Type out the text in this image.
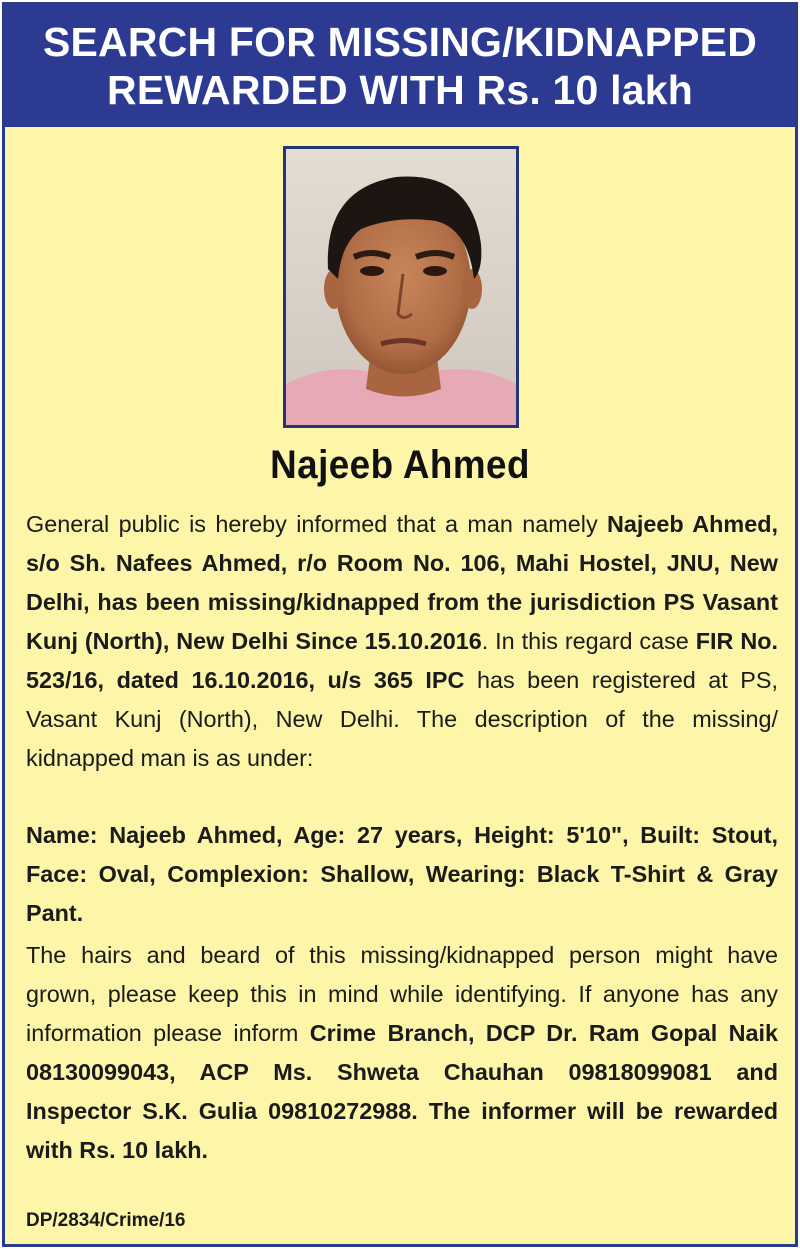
SEARCH FOR MISSING/KIDNAPPED
REWARDED WITH Rs. 10 lakh
Najeeb Ahmed
General public is hereby informed that a man namely Najeeb Ahmed, s/o Sh. Nafees Ahmed, r/o Room No. 106, Mahi Hostel, JNU, New Delhi, has been missing/kidnapped from the jurisdiction PS Vasant Kunj (North), New Delhi Since 15.10.2016. In this regard case FIR No. 523/16, dated 16.10.2016, u/s 365 IPC has been registered at PS, Vasant Kunj (North), New Delhi. The description of the missing/ kidnapped man is as under:
Name: Najeeb Ahmed, Age: 27 years, Height: 5'10", Built: Stout, Face: Oval, Complexion: Shallow, Wearing: Black T-Shirt & Gray Pant.
The hairs and beard of this missing/kidnapped person might have grown, please keep this in mind while identifying. If anyone has any information please inform Crime Branch, DCP Dr. Ram Gopal Naik 08130099043, ACP Ms. Shweta Chauhan 09818099081 and Inspector S.K. Gulia 09810272988. The informer will be rewarded with Rs. 10 lakh.
DP/2834/Crime/16
